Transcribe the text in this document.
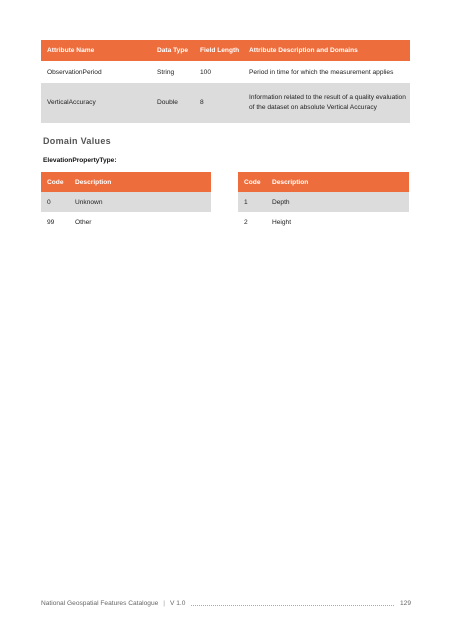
Attribute Name	Data Type	Field Length	Attribute Description and Domains
ObservationPeriod	String	100	Period in time for which the measurement applies
VerticalAccuracy	Double	8	Information related to the result of a quality evaluation of the dataset on absolute Vertical Accuracy
Domain Values

ElevationPropertyType:

Code	Description
0	Unknown
99	Other
Code	Description
1	Depth
2	Height
National Geospatial Features Catalogue | V 1.0	129
